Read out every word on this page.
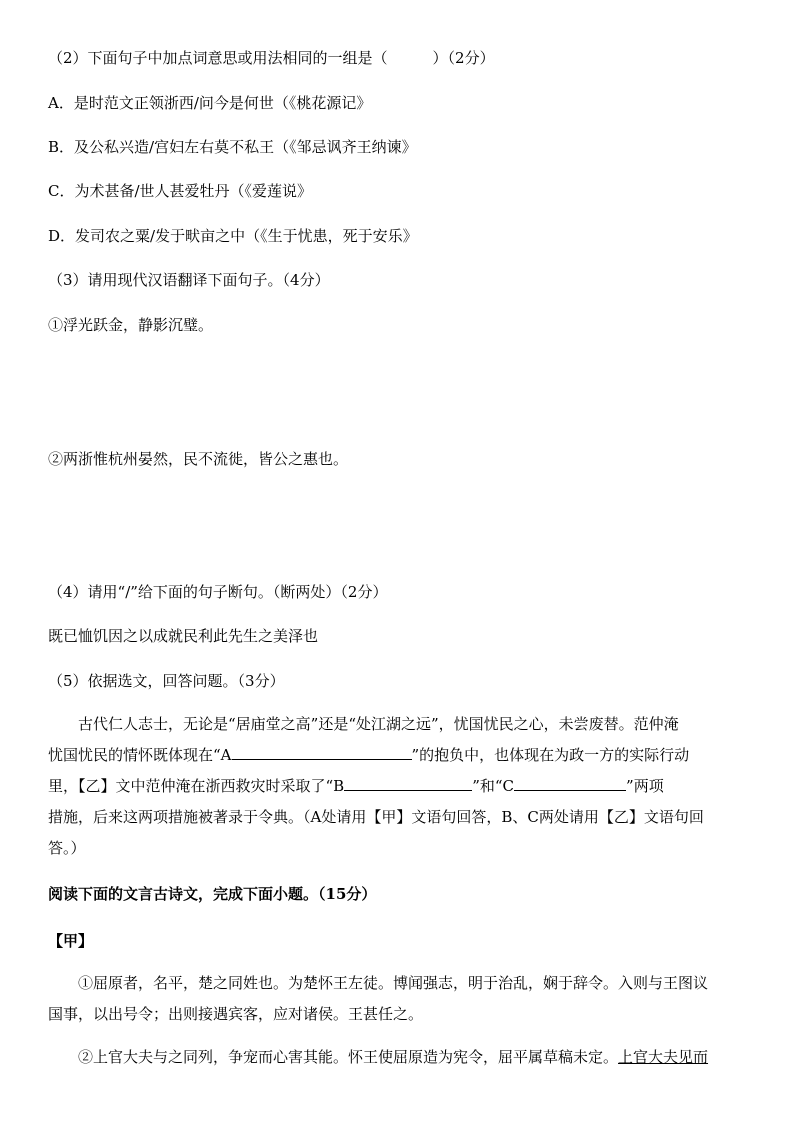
（2）下面句子中加点词意思或用法相同的一组是（　　　）（2分）
A．是时范文正领浙西/问今是何世（《桃花源记》
B．及公私兴造/宫妇左右莫不私王（《邹忌讽齐王纳谏》
C．为术甚备/世人甚爱牡丹（《爱莲说》
D．发司农之粟/发于畎亩之中（《生于忧患，死于安乐》
（3）请用现代汉语翻译下面句子。（4分）
①浮光跃金，静影沉璧。
②两浙惟杭州晏然，民不流徙，皆公之惠也。
（4）请用“/”给下面的句子断句。（断两处）（2分）
既已恤饥因之以成就民利此先生之美泽也
（5）依据选文，回答问题。（3分）
古代仁人志士，无论是“居庙堂之高”还是“处江湖之远”，忧国忧民之心，未尝废替。范仲淹
忧国忧民的情怀既体现在“A	”的抱负中，也体现在为政一方的实际行动
里，【乙】文中范仲淹在浙西救灾时采取了“B	”和“C	”两项
措施，后来这两项措施被著录于令典。（A处请用【甲】文语句回答，B、C两处请用【乙】文语句回
答。）
阅读下面的文言古诗文，完成下面小题。（15分）
【甲】
①屈原者，名平，楚之同姓也。为楚怀王左徒。博闻强志，明于治乱，娴于辞令。入则与王图议
国事，以出号令；出则接遇宾客，应对诸侯。王甚任之。
②上官大夫与之同列，争宠而心害其能。怀王使屈原造为宪令，屈平属草稿未定。上官大夫见而
